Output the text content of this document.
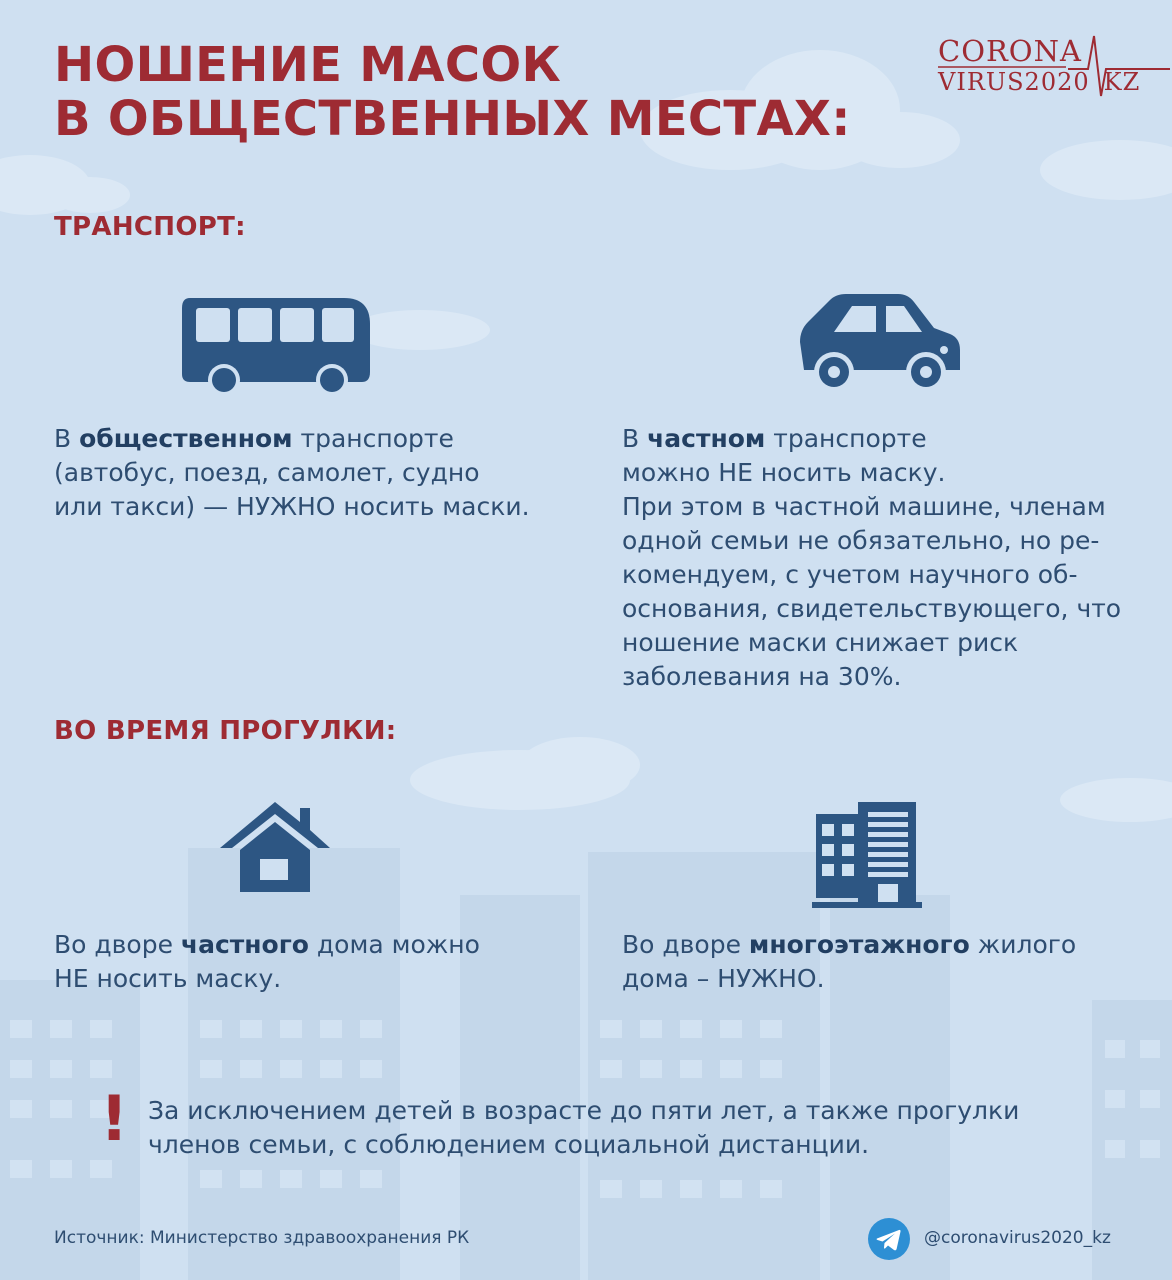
НОШЕНИЕ МАСОК
В ОБЩЕСТВЕННЫХ МЕСТАХ:
CORONA
VIRUS2020 KZ
ТРАНСПОРТ:

В общественном транспорте
(автобус, поезд, самолет, судно
или такси) — НУЖНО носить маски.

В частном транспорте
можно НЕ носить маску.
При этом в частной машине, членам
одной семьи не обязательно, но ре-
комендуем, с учетом научного об-
основания, свидетельствующего, что
ношение маски снижает риск
заболевания на 30%.

ВО ВРЕМЯ ПРОГУЛКИ:

Во дворе частного дома можно
НЕ носить маску.

Во дворе многоэтажного жилого
дома – НУЖНО.

! За исключением детей в возрасте до пяти лет, а также прогулки
членов семьи, с соблюдением социальной дистанции.

Источник: Министерство здравоохранения РК	@coronavirus2020_kz
